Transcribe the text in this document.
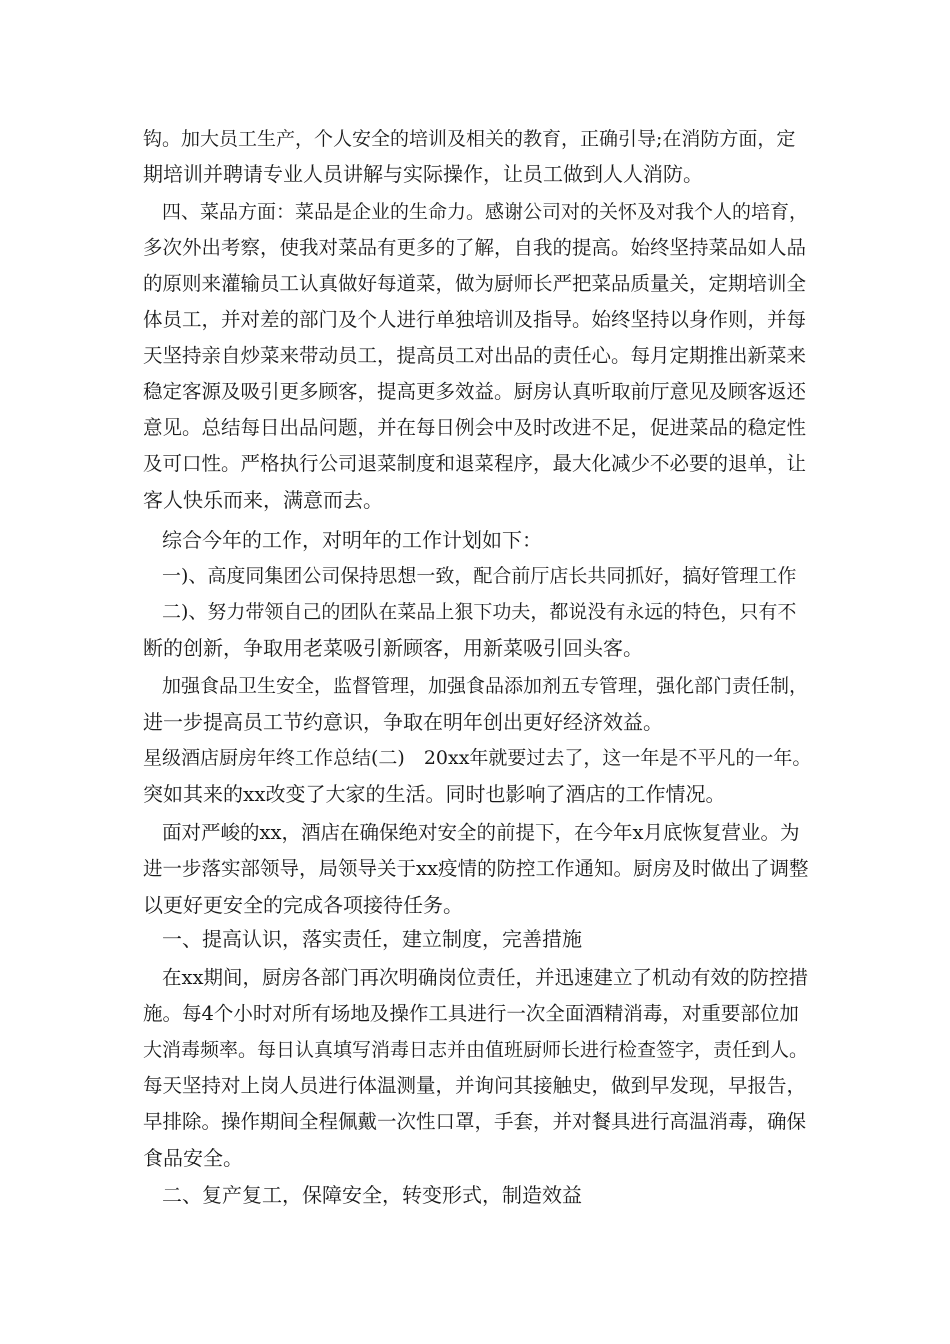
钩。加大员工生产，个人安全的培训及相关的教育，正确引导;在消防方面，定
期培训并聘请专业人员讲解与实际操作，让员工做到人人消防。
四、菜品方面：菜品是企业的生命力。感谢公司对的关怀及对我个人的培育，
多次外出考察，使我对菜品有更多的了解，自我的提高。始终坚持菜品如人品
的原则来灌输员工认真做好每道菜，做为厨师长严把菜品质量关，定期培训全
体员工，并对差的部门及个人进行单独培训及指导。始终坚持以身作则，并每
天坚持亲自炒菜来带动员工，提高员工对出品的责任心。每月定期推出新菜来
稳定客源及吸引更多顾客，提高更多效益。厨房认真听取前厅意见及顾客返还
意见。总结每日出品问题，并在每日例会中及时改进不足，促进菜品的稳定性
及可口性。严格执行公司退菜制度和退菜程序，最大化减少不必要的退单，让
客人快乐而来，满意而去。
综合今年的工作，对明年的工作计划如下：
一)、高度同集团公司保持思想一致，配合前厅店长共同抓好，搞好管理工作
二)、努力带领自己的团队在菜品上狠下功夫，都说没有永远的特色，只有不
断的创新，争取用老菜吸引新顾客，用新菜吸引回头客。
加强食品卫生安全，监督管理，加强食品添加剂五专管理，强化部门责任制，
进一步提高员工节约意识，争取在明年创出更好经济效益。
星级酒店厨房年终工作总结(二)　20xx年就要过去了，这一年是不平凡的一年。
突如其来的xx改变了大家的生活。同时也影响了酒店的工作情况。
面对严峻的xx，酒店在确保绝对安全的前提下，在今年x月底恢复营业。为
进一步落实部领导，局领导关于xx疫情的防控工作通知。厨房及时做出了调整
以更好更安全的完成各项接待任务。
一、提高认识，落实责任，建立制度，完善措施
在xx期间，厨房各部门再次明确岗位责任，并迅速建立了机动有效的防控措
施。每4个小时对所有场地及操作工具进行一次全面酒精消毒，对重要部位加
大消毒频率。每日认真填写消毒日志并由值班厨师长进行检查签字，责任到人。
每天坚持对上岗人员进行体温测量，并询问其接触史，做到早发现，早报告，
早排除。操作期间全程佩戴一次性口罩，手套，并对餐具进行高温消毒，确保
食品安全。
二、复产复工，保障安全，转变形式，制造效益
